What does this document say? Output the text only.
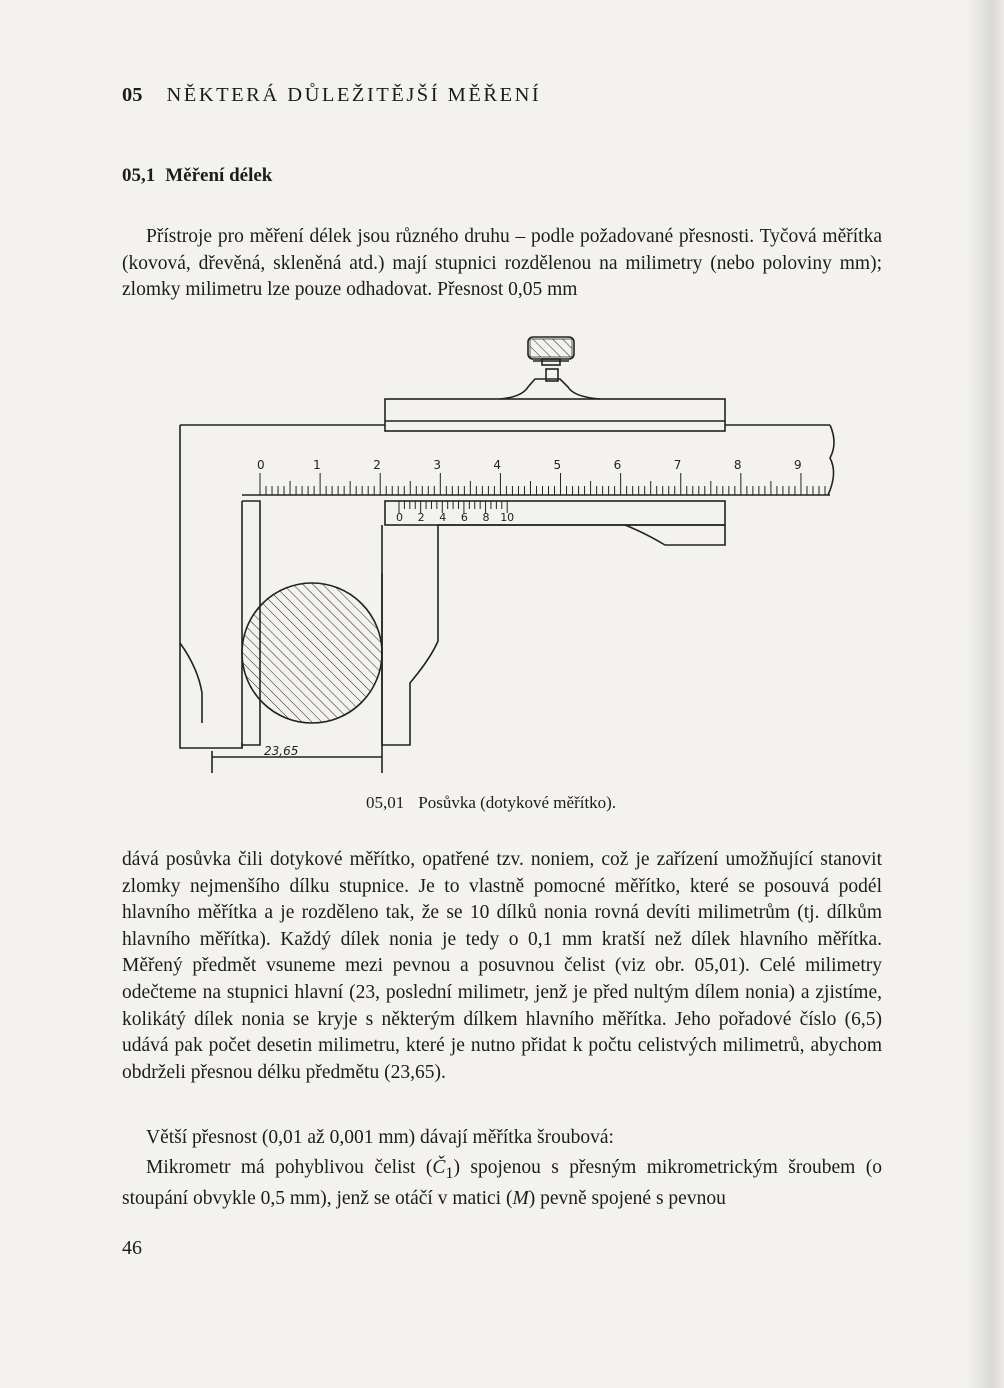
05 NĚKTERÁ DŮLEŽITĚJŠÍ MĚŘENÍ
05,1 Měření délek

Přístroje pro měření délek jsou různého druhu – podle požadované přesnosti. Tyčová měřítka (kovová, dřevěná, skleněná atd.) mají stupnici rozdělenou na milimetry (nebo poloviny mm); zlomky milimetru lze pouze odhadovat. Přesnost 0,05 mm

0	1	2	3	4	5	6	7	8	9
0 2 4 6 8 10
23,65
05,01 Posůvka (dotykové měřítko).

dává posůvka čili dotykové měřítko, opatřené tzv. noniem, což je zařízení umožňující stanovit zlomky nejmenšího dílku stupnice. Je to vlastně pomocné měřítko, které se posouvá podél hlavního měřítka a je rozděleno tak, že se 10 dílků nonia rovná devíti milimetrům (tj. dílkům hlavního měřítka). Každý dílek nonia je tedy o 0,1 mm kratší než dílek hlavního měřítka. Měřený předmět vsuneme mezi pevnou a posuvnou čelist (viz obr. 05,01). Celé milimetry odečteme na stupnici hlavní (23, poslední milimetr, jenž je před nultým dílem nonia) a zjistíme, kolikátý dílek nonia se kryje s některým dílkem hlavního měřítka. Jeho pořadové číslo (6,5) udává pak počet desetin milimetru, které je nutno přidat k počtu celistvých milimetrů, abychom obdrželi přesnou délku předmětu (23,65).

Větší přesnost (0,01 až 0,001 mm) dávají měřítka šroubová:

Mikrometr má pohyblivou čelist $(Č_1)$ spojenou s přesným mikrometrickým šroubem (o stoupání obvykle 0,5 mm), jenž se otáčí v matici (M) pevně spojené s pevnou

46
